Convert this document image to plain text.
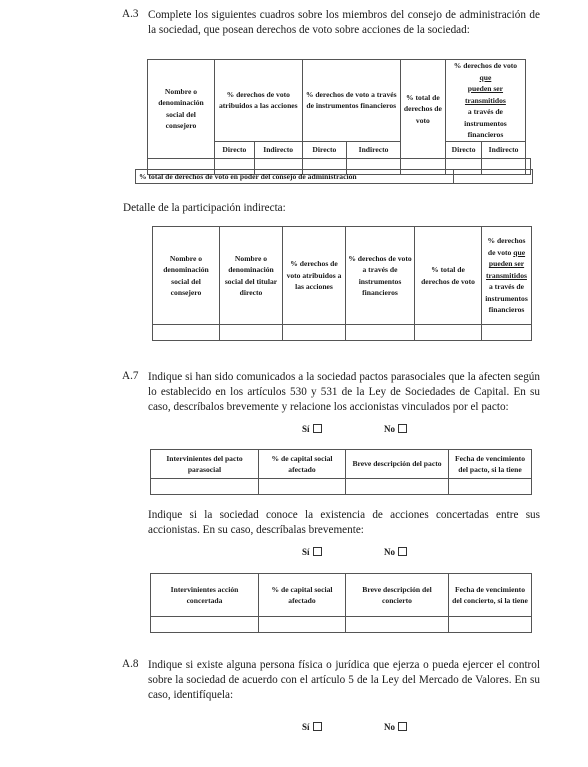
A.3 Complete los siguientes cuadros sobre los miembros del consejo de administración de la sociedad, que posean derechos de voto sobre acciones de la sociedad:
Nombre o denominación social del consejero	% derechos de voto atribuidos a las acciones		% derechos de voto a través de instrumentos financieros		% total de derechos de voto	% derechos de voto que
pueden ser transmitidos
a través de instrumentos financieros		
	Directo	Indirecto	Directo	Indirecto		Directo	Indirecto	

% total de derechos de voto en poder del consejo de administración	
Detalle de la participación indirecta:
Nombre o denominación social del consejero	Nombre o denominación social del titular directo	% derechos de voto atribuidos a las acciones	% derechos de voto a través de instrumentos financieros	% total de derechos de voto	% derechos de voto que
pueden ser
transmitidos
a través de instrumentos financieros

A.7 Indique si han sido comunicados a la sociedad pactos parasociales que la afecten según lo establecido en los artículos 530 y 531 de la Ley de Sociedades de Capital. En su caso, descríbalos brevemente y relacione los accionistas vinculados por el pacto:
Sí	No
Intervinientes del pacto parasocial	% de capital social afectado	Breve descripción del pacto	Fecha de vencimiento del pacto, si la tiene

Indique si la sociedad conoce la existencia de acciones concertadas entre sus accionistas. En su caso, descríbalas brevemente:
Sí	No
Intervinientes acción concertada	% de capital social afectado	Breve descripción del concierto	Fecha de vencimiento del concierto, si la tiene

A.8 Indique si existe alguna persona física o jurídica que ejerza o pueda ejercer el control sobre la sociedad de acuerdo con el artículo 5 de la Ley del Mercado de Valores. En su caso, identifíquela:
Sí	No
